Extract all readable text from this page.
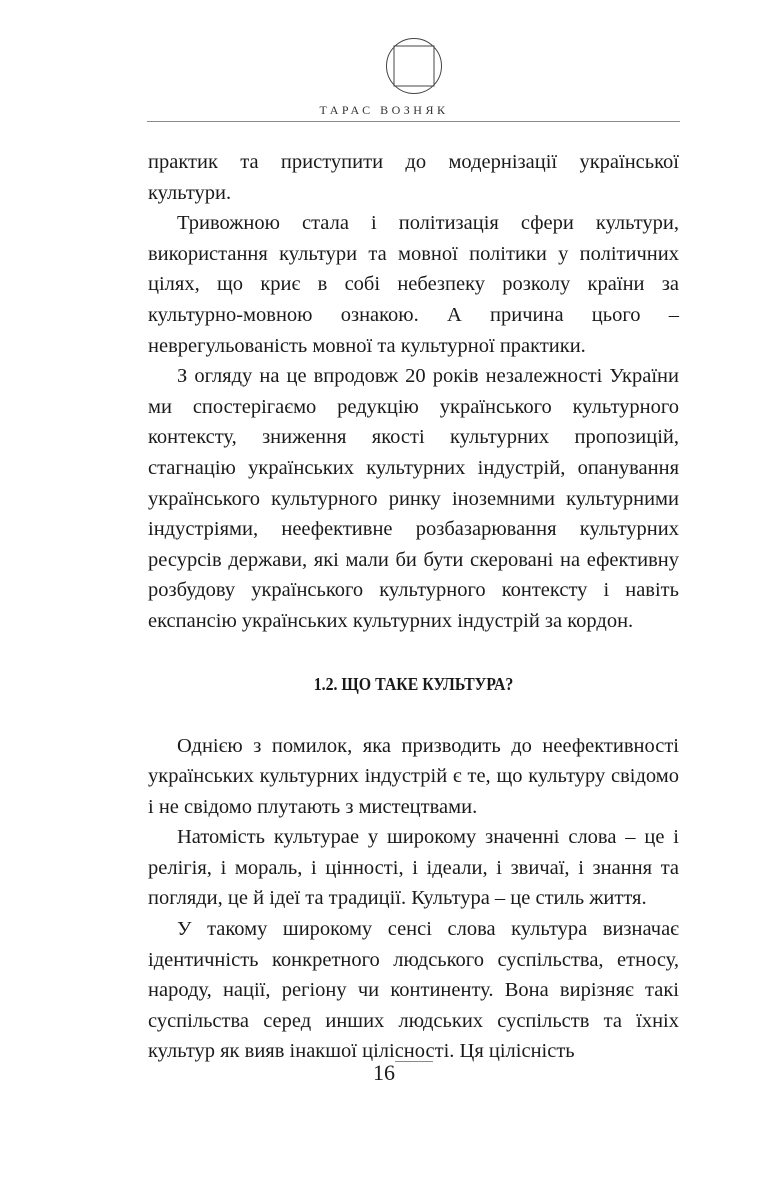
ТАРАС ВОЗНЯК

практик та приступити до модернізації української культури.

Тривожною стала і політизація сфери культури, використання культури та мовної політики у політичних цілях, що криє в собі небезпеку розколу країни за культурно-мовною ознакою. А причина цього – неврегульованість мовної та культурної практики.

З огляду на це впродовж 20 років незалежності України ми спостерігаємо редукцію українського культурного контексту, зниження якості культурних пропозицій, стагнацію українських культурних індустрій, опанування українського культурного ринку іноземними культурними індустріями, неефективне розбазарювання культурних ресурсів держави, які мали би бути скеровані на ефективну розбудову українського культурного контексту і навіть експансію українських культурних індустрій за кордон.

1.2. ЩО ТАКЕ КУЛЬТУРА?

Однією з помилок, яка призводить до неефективності українських культурних індустрій є те, що культуру свідомо і не свідомо плутають з мистецтвами.

Натомість культурае у широкому значенні слова – це і релігія, і мораль, і цінності, і ідеали, і звичаї, і знання та погляди, це й ідеї та традиції. Культура – це стиль життя.

У такому широкому сенсі слова культура визначає ідентичність конкретного людського суспільства, етносу, народу, нації, регіону чи континенту. Вона вирізняє такі суспільства серед инших людських суспільств та їхніх культур як вияв інакшої цілісності. Ця цілісність

16
